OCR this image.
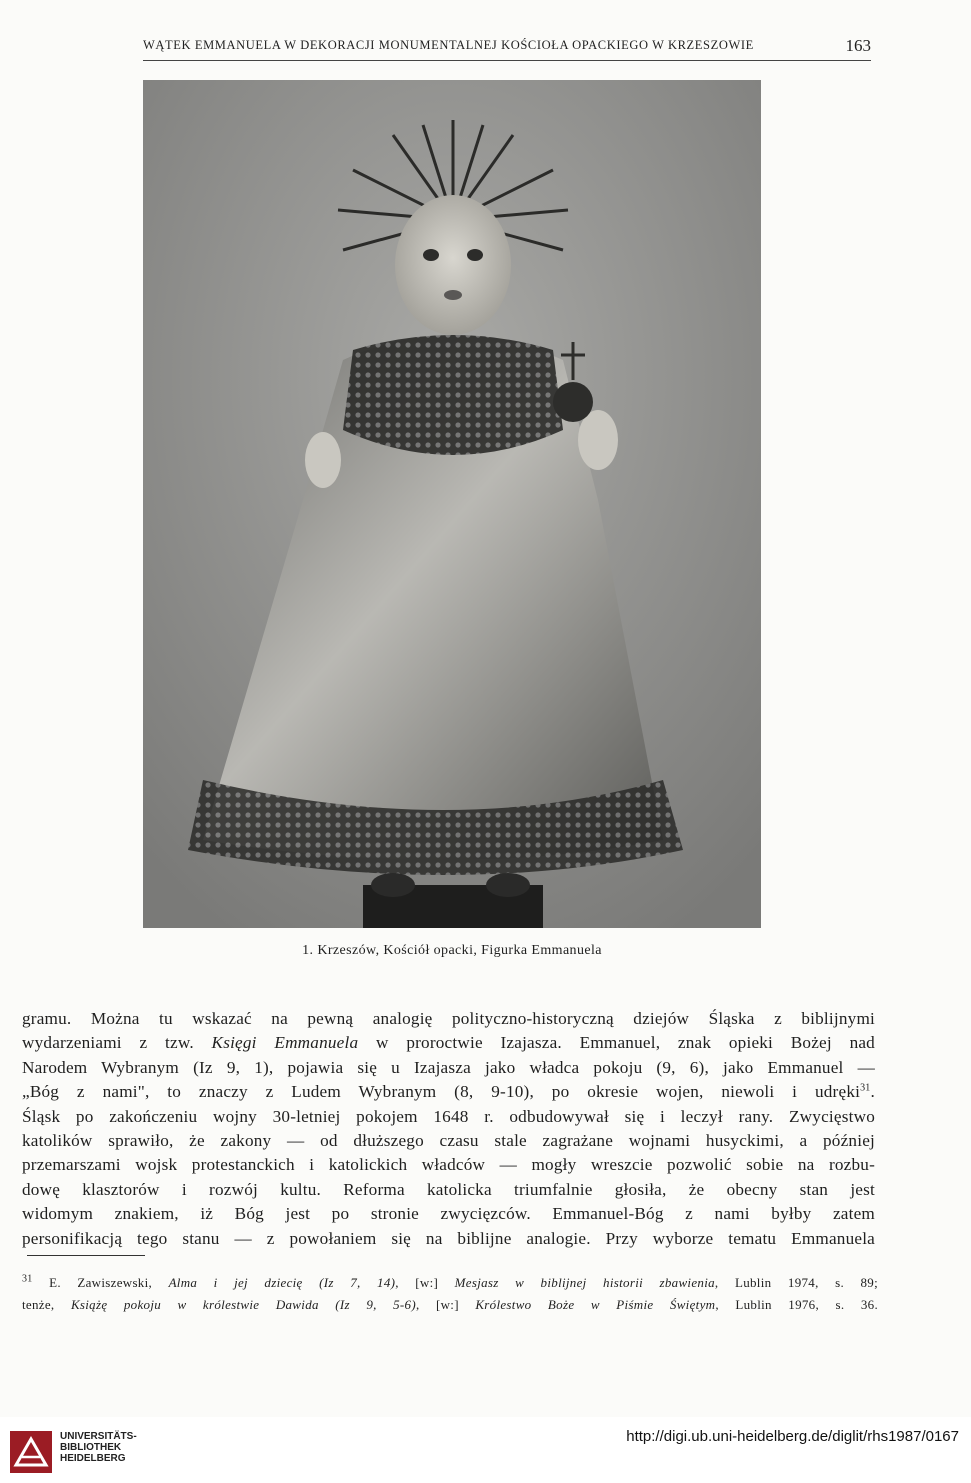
WĄTEK EMMANUELA W DEKORACJI MONUMENTALNEJ KOŚCIOŁA OPACKIEGO W KRZESZOWIE	163
1. Krzeszów, Kościół opacki, Figurka Emmanuela
gramu. Można tu wskazać na pewną analogię polityczno-historyczną dziejów Śląska z biblijnymi
wydarzeniami z tzw. Księgi Emmanuela w proroctwie Izajasza. Emmanuel, znak opieki Bożej nad
Narodem Wybranym (Iz 9, 1), pojawia się u Izajasza jako władca pokoju (9, 6), jako Emmanuel —
„Bóg z nami", to znaczy z Ludem Wybranym (8, 9-10), po okresie wojen, niewoli i udręki$^{31}$.
Śląsk po zakończeniu wojny 30-letniej pokojem 1648 r. odbudowywał się i leczył rany. Zwycięstwo
katolików sprawiło, że zakony — od dłuższego czasu stale zagrażane wojnami husyckimi, a później
przemarszami wojsk protestanckich i katolickich władców — mogły wreszcie pozwolić sobie na rozbu-
dowę klasztorów i rozwój kultu. Reforma katolicka triumfalnie głosiła, że obecny stan jest
widomym znakiem, iż Bóg jest po stronie zwycięzców. Emmanuel-Bóg z nami byłby zatem
personifikacją tego stanu — z powołaniem się na biblijne analogie. Przy wyborze tematu Emmanuela
$^{31}$ E. Zawiszewski, Alma i jej dziecię (Iz 7, 14), [w:] Mesjasz w biblijnej historii zbawienia, Lublin 1974, s. 89;
tenże, Książę pokoju w królestwie Dawida (Iz 9, 5-6), [w:] Królestwo Boże w Piśmie Świętym, Lublin 1976, s. 36.
UNIVERSITÄTS-
BIBLIOTHEK
HEIDELBERG
http://digi.ub.uni-heidelberg.de/diglit/rhs1987/0167
